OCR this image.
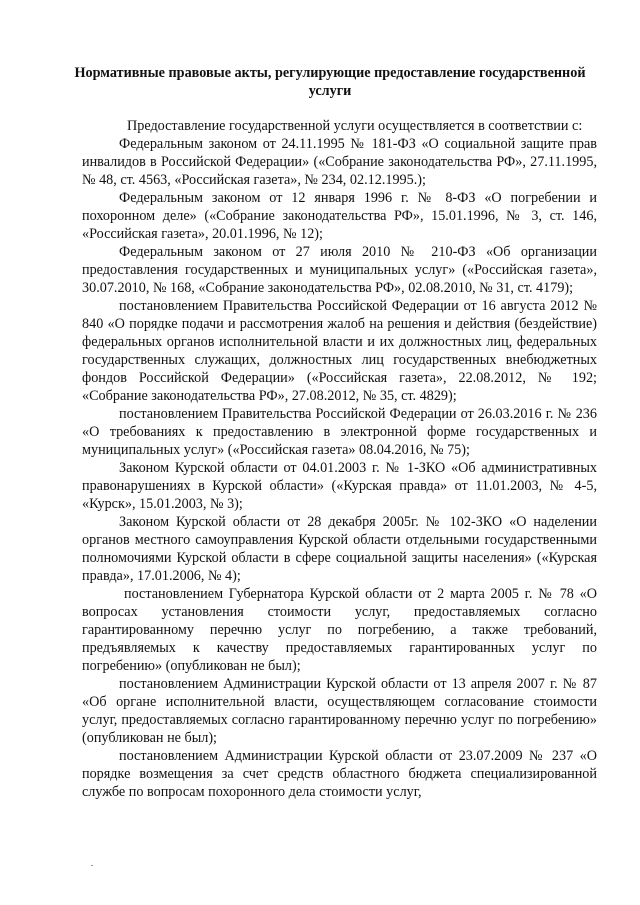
Нормативные правовые акты, регулирующие предоставление государственной услуги

Предоставление государственной услуги осуществляется в соответствии с:

Федеральным законом от 24.11.1995 № 181-ФЗ «О социальной защите прав инвалидов в Российской Федерации» («Собрание законодательства РФ», 27.11.1995, № 48, ст. 4563, «Российская газета», № 234, 02.12.1995.);

Федеральным законом от 12 января 1996 г. № 8-ФЗ «О погребении и похоронном деле» («Собрание законодательства РФ», 15.01.1996, № 3, ст. 146, «Российская газета», 20.01.1996, № 12);

Федеральным законом от 27 июля 2010 № 210-ФЗ «Об организации предоставления государственных и муниципальных услуг» («Российская газета», 30.07.2010, № 168, «Собрание законодательства РФ», 02.08.2010, № 31, ст. 4179);

постановлением Правительства Российской Федерации от 16 августа 2012 № 840 «О порядке подачи и рассмотрения жалоб на решения и действия (бездействие) федеральных органов исполнительной власти и их должностных лиц, федеральных государственных служащих, должностных лиц государственных внебюджетных фондов Российской Федерации» («Российская газета», 22.08.2012, № 192; «Собрание законодательства РФ», 27.08.2012, № 35, ст. 4829);

постановлением Правительства Российской Федерации от 26.03.2016 г. № 236 «О требованиях к предоставлению в электронной форме государственных и муниципальных услуг» («Российская газета» 08.04.2016, № 75);

Законом Курской области от 04.01.2003 г. № 1-ЗКО «Об административных правонарушениях в Курской области» («Курская правда» от 11.01.2003, № 4-5, «Курск», 15.01.2003, № 3);

Законом Курской области от 28 декабря 2005г. № 102-ЗКО «О наделении органов местного самоуправления Курской области отдельными государственными полномочиями Курской области в сфере социальной защиты населения» («Курская правда», 17.01.2006, № 4);

постановлением Губернатора Курской области от 2 марта 2005 г. № 78 «О вопросах установления стоимости услуг, предоставляемых согласно гарантированному перечню услуг по погребению, а также требований, предъявляемых к качеству предоставляемых гарантированных услуг по погребению» (опубликован не был);

постановлением Администрации Курской области от 13 апреля 2007 г. № 87 «Об органе исполнительной власти, осуществляющем согласование стоимости услуг, предоставляемых согласно гарантированному перечню услуг по погребению» (опубликован не был);

постановлением Администрации Курской области от 23.07.2009 № 237 «О порядке возмещения за счет средств областного бюджета специализированной службе по вопросам похоронного дела стоимости услуг,
